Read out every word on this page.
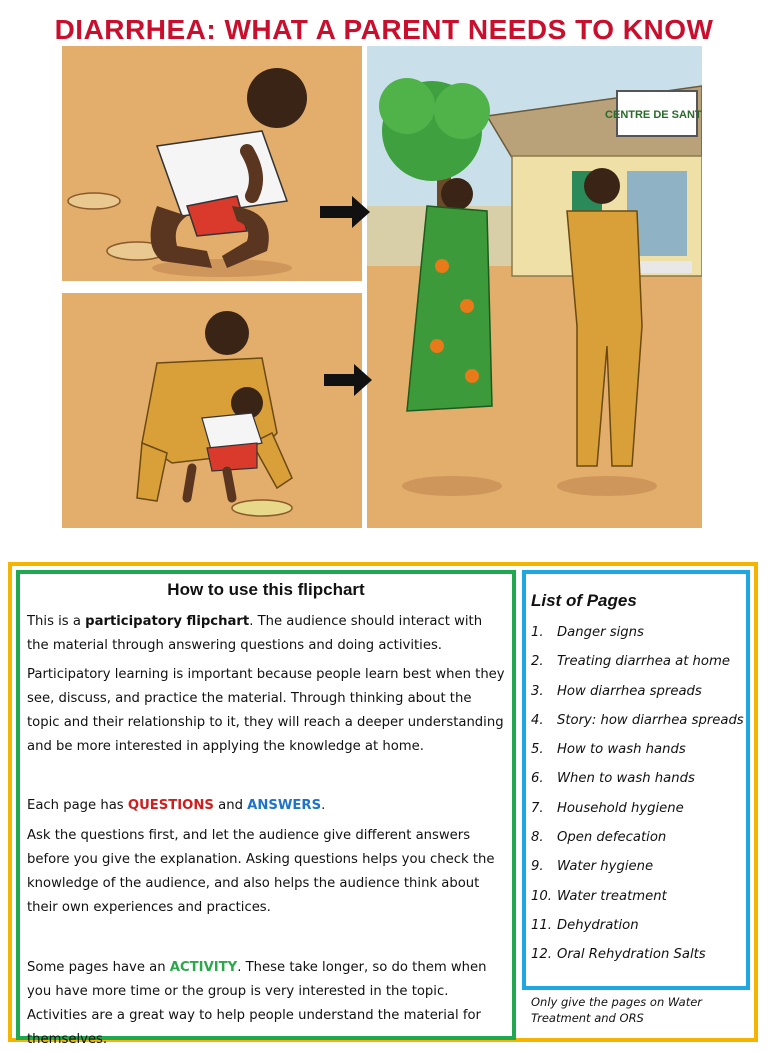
DIARRHEA: WHAT A PARENT NEEDS TO KNOW
CENTRE DE SANTE
How to use this flipchart
This is a participatory flipchart. The audience should interact with the material through answering questions and doing activities.
Participatory learning is important because people learn best when they see, discuss, and practice the material. Through thinking about the topic and their relationship to it, they will reach a deeper understanding and be more interested in applying the knowledge at home.
Each page has QUESTIONS and ANSWERS.
Ask the questions first, and let the audience give different answers before you give the explanation. Asking questions helps you check the knowledge of the audience, and also helps the audience think about their own experiences and practices.
Some pages have an ACTIVITY. These take longer, so do them when you have more time or the group is very interested in the topic. Activities are a great way to help people understand the material for themselves.
List of Pages
1. Danger signs
2. Treating diarrhea at home
3. How diarrhea spreads
4. Story: how diarrhea spreads
5. How to wash hands
6. When to wash hands
7. Household hygiene
8. Open defecation
9. Water hygiene
10. Water treatment
11. Dehydration
12. Oral Rehydration Salts
Only give the pages on Water Treatment and ORS
